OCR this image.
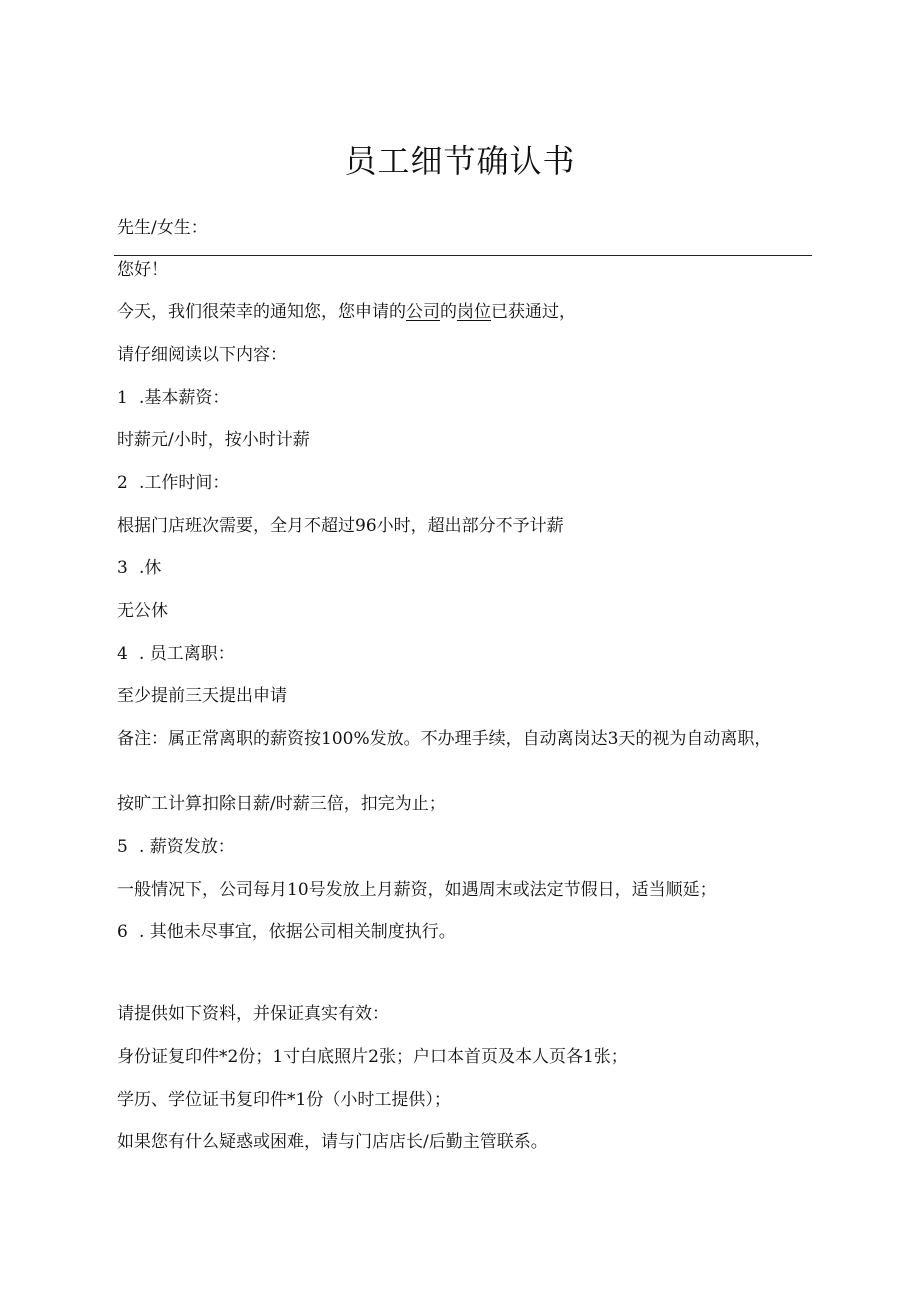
员工细节确认书
先生/女生：
您好！
今天，我们很荣幸的通知您，您申请的公司的岗位已获通过，
请仔细阅读以下内容：
1 .基本薪资：
时薪元/小时，按小时计薪
2 .工作时间：
根据门店班次需要，全月不超过96小时，超出部分不予计薪
3 .休
无公休
4 . 员工离职：
至少提前三天提出申请
备注：属正常离职的薪资按100%发放。不办理手续，自动离岗达3天的视为自动离职，
按旷工计算扣除日薪/时薪三倍，扣完为止；
5 . 薪资发放：
一般情况下，公司每月10号发放上月薪资，如遇周末或法定节假日，适当顺延；
6 . 其他未尽事宜，依据公司相关制度执行。
请提供如下资料，并保证真实有效：
身份证复印件*2份；1寸白底照片2张；户口本首页及本人页各1张；
学历、学位证书复印件*1份（小时工提供）；
如果您有什么疑惑或困难，请与门店店长/后勤主管联系。
